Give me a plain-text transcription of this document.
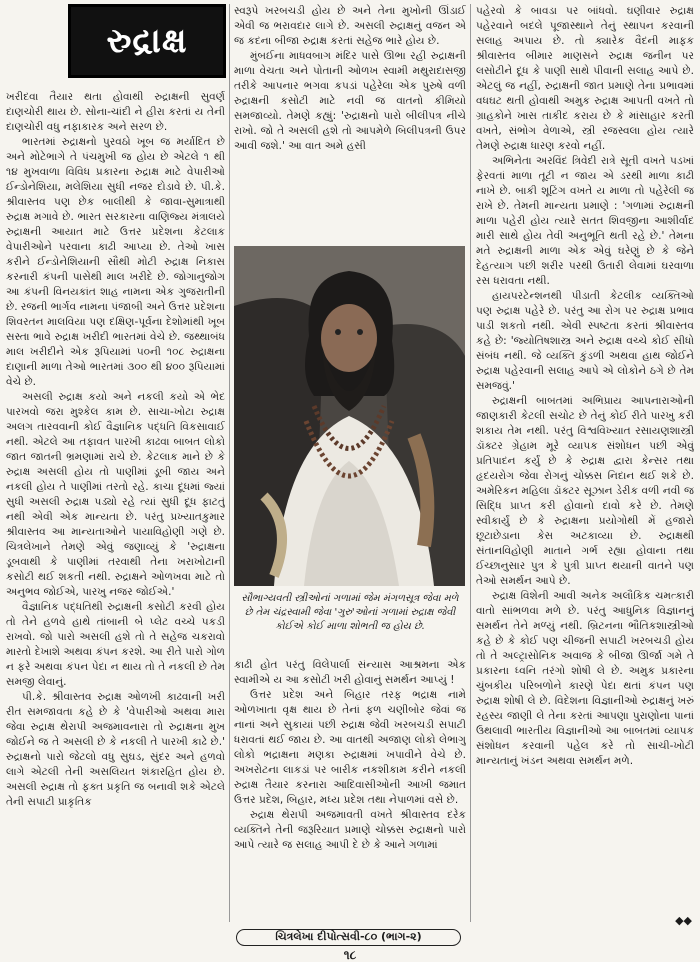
રુદ્રાક્ષ

ખરીદવા તૈયાર થતા હોવાથી રુદ્રાક્ષની સુવર્ણ દાણચોરી થાય છે. સોના-ચાંદી ને હીરા કરતાં ય તેની દાણચોરી વધુ નફાકારક અને સરળ છે.

ભારતમાં રુદ્રાક્ષનો પુરવઠો ખૂબ જ મર્યાદિત છે અને મોટેભાગે તે પંચમુખી જ હોય છે એટલે ૧ થી ૧૪ મુખવાળા વિવિધ પ્રકારના રુદ્રાક્ષ માટે વેપારીઓ ઈન્ડોનેશિયા, મલેશિયા સુધી નજર દોડાવે છે. પી.કે. શ્રીવાસ્તવ પણ છેક બાલીથી કે જાવા-સુમાત્રાથી રુદ્રાક્ષ મગાવે છે. ભારત સરકારના વાણિજ્ય મંત્રાલયે રુદ્રાક્ષની આયાત માટે ઉત્તર પ્રદેશના કેટલાક વેપારીઓને પરવાના કાઢી આપ્યા છે. તેઓ ખાસ કરીને ઈન્ડોનેશિયાની સૌથી મોટી રુદ્રાક્ષ નિકાસ કરનારી કંપની પાસેથી માલ ખરીદે છે. જોગાનુજોગ આ કંપની વિનયકાંત શાહ નામના એક ગુજરાતીની છે. રજની ભાર્ગવ નામના પંજાબી અને ઉત્તર પ્રદેશના શિવરતન માલવિયા પણ દક્ષિણ-પૂર્વના દેશોમાંથી ખૂબ સસ્તા ભાવે રુદ્રાક્ષ ખરીદી ભારતમાં વેચે છે. જથ્થાબંધ માલ ખરીદીને એક રૂપિયામાં ૫૦ની ૧૦૮ રુદ્રાક્ષના દાણાની માળા તેઓ ભારતમાં ૩૦૦ થી ૪૦૦ રૂપિયામાં વેચે છે.

અસલી રુદ્રાક્ષ કયો અને નકલી કયો એ ભેદ પારખવો જરા મુશ્કેલ કામ છે. સાચા-ખોટા રુદ્રાક્ષ અલગ તારવવાની કોઈ વૈજ્ઞાનિક પદ્ધતિ વિકસાવાઈ નથી. એટલે આ તફાવત પારખી કાઢવા બાબત લોકો જાત જાતની ભ્રમણામાં રાચે છે. કેટલાક માને છે કે રુદ્રાક્ષ અસલી હોય તો પાણીમાં ડૂબી જાય અને નકલી હોય તે પાણીમાં તરતો રહે. કાચા દૂધમાં જ્યાં સુધી અસલી રુદ્રાક્ષ પડ્યો રહે ત્યાં સુધી દૂધ ફાટતું નથી એવી એક માન્યતા છે. પરંતુ પ્રખ્યાતકુમાર શ્રીવાસ્તવ આ માન્યતાઓને પાયાવિહોણી ગણે છે. ચિત્રલેખાને તેમણે એવું જણાવ્યું કે 'રુદ્રાક્ષના ડૂબવાથી કે પાણીમાં તરવાથી તેના ખરાખોટાની કસોટી થઈ શકતી નથી. રુદ્રાક્ષને ઓળખવા માટે તો અનુભવ જોઈએ, પારખુ નજર જોઈએ.'

વૈજ્ઞાનિક પદ્ધતિથી રુદ્રાક્ષની કસોટી કરવી હોય તો તેને હળવે હાથે તાંબાની બે પ્લેટ વચ્ચે પકડી રાખવો. જો પારો અસલી હશે તો તે સહેજ ચકરાવો મારતો દેખાશે અથવા કંપન કરશે. આ રીતે પારો ગોળ ન ફરે અથવા કંપન પેદા ન થાય તો તે નકલી છે તેમ સમજી લેવાનું.

પી.કે. શ્રીવાસ્તવ રુદ્રાક્ષ ઓળખી કાઢવાની ખરી રીત સમજાવતા કહે છે કે 'વેપારીઓ અથવા મારા જેવા રુદ્રાક્ષ થેરાપી અજમાવનારા તો રુદ્રાક્ષના મુખ જોઈને જ તે અસલી છે કે નકલી તે પારખી કાઢે છે.' રુદ્રાક્ષનો પારો જેટલો વધુ સુઘડ, સુંદર અને હળવો લાગે એટલી તેની અસલિયત શંકારહિત હોય છે. અસલી રુદ્રાક્ષ તો ફક્ત પ્રકૃતિ જ બનાવી શકે એટલે તેની સપાટી પ્રાકૃતિક

સ્વરૂપે ખરબચડી હોય છે અને તેના મુખોની ઊંડાઈ એવી જ ભરાવદાર લાગે છે. અસલી રુદ્રાક્ષનું વજન એ જ કદના બીજા રુદ્રાક્ષ કરતાં સહેજ ભારે હોય છે.

મુંબઈના માધવબાગ મંદિર પાસે ઊભા રહી રુદ્રાક્ષની માળા વેચતા અને પોતાની ઓળખ સ્વામી મથુરાદાસજી તરીકે આપનાર ભગવા કપડાં પહેરેલા એક પુરુષે વળી રુદ્રાક્ષની કસોટી માટે નવી જ વાતનો કીમિયો સમજાવ્યો. તેમણે કહ્યું: 'રુદ્રાક્ષનો પારો બીલીપત્ર નીચે રાખો. જો તે અસલી હશે તો આપમેળે બિલીપત્રની ઉપર આવી જશે.' આ વાત અમે હસી

સૌભાગ્યવતી સ્ત્રીઓનાં ગળામાં જેમ મંગળસૂત્ર જેવા મળે છે તેમ ચંદ્રસ્વામી જેવા 'ગુરુ'ઓનાં ગળામાં રુદ્રાક્ષ જેવી કોઈએ કોઈ માળા શોભતી જ હોય છે.

કાઢી હોત પરંતુ વિલેપાર્લા સંન્યાસ આશ્રમના એક સ્વામીએ ય આ કસોટી ખરી હોવાનું સમર્થન આપ્યું !

ઉત્તર પ્રદેશ અને બિહાર તરફ ભદ્રાક્ષ નામે ઓળખાતા વૃક્ષ થાય છે તેનાં ફળ ચણીબોર જેવાં જ નાનાં અને સુકાયાં પછી રુદ્રાક્ષ જેવી ખરબચડી સપાટી ધરાવતાં થઈ જાય છે. આ વાતથી અજાણ લોકો લેભાગુ લોકો ભદ્રાક્ષના મણકા રુદ્રાક્ષમાં ખપાવીને વેચે છે. અખરોટના લાકડાં પર બારીક નકશીકામ કરીને નકલી રુદ્રાક્ષ તૈયાર કરનારા આદિવાસીઓની આખી જમાત ઉત્તર પ્રદેશ, બિહાર, મધ્ય પ્રદેશ તથા નેપાળમાં વસે છે.

રુદ્રાક્ષ થેરાપી અજમાવતી વખતે શ્રીવાસ્તવ દરેક વ્યક્તિને તેની જરૂરિયાત પ્રમાણે ચોક્કસ રુદ્રાક્ષનો પારો આપે ત્યારે જ સલાહ આપી દે છે કે આને ગળામાં

પહેરવો કે બાવડા પર બાંધવો. ઘણીવાર રુદ્રાક્ષ પહેરવાને બદલે પૂજાસ્થાને તેનું સ્થાપન કરવાની સલાહ અપાય છે. તો ક્યારેક વૈદની માફક શ્રીવાસ્તવ બીમાર માણસને રુદ્રાક્ષ જનીન પર લસોટીને દૂધ કે પાણી સાથે પીવાની સલાહ આપે છે. એટલું જ નહીં, રુદ્રાક્ષની જાત પ્રમાણે તેના પ્રભાવમાં વધઘટ થતી હોવાથી અમુક રુદ્રાક્ષ આપતી વખતે તો ગ્રાહકોને ખાસ તાકીદ કરાય છે કે માંસાહાર કરતી વખતે, સંભોગ વેળાએ, સ્ત્રી રજસ્વલા હોય ત્યારે તેમણે રુદ્રાક્ષ ધારણ કરવો નહીં.

અભિનેતા અરવિંદ ત્રિવેદી રાત્રે સૂતી વખતે પડખાં ફેરવતાં માળા તૂટી ન જાય એ ડરથી માળા કાઢી નાખે છે. બાકી શૂટિંગ વખતે ય માળા તો પહેરેલી જ રાખે છે. તેમની માન્યતા પ્રમાણે : 'ગળામાં રુદ્રાક્ષની માળા પહેરી હોય ત્યારે સતત શિવજીના આશીર્વાદ મારી સાથે હોય તેવી અનુભૂતિ થતી રહે છે.' તેમના મતે રુદ્રાક્ષની માળા એક એવું ઘરેણું છે કે જેને દેહત્યાગ પછી શરીર પરથી ઉતારી લેવામાં ઘરવાળા રસ ધરાવતા નથી.

હાયપરટેન્શનથી પીડાતી કેટલીક વ્યક્તિઓ પણ રુદ્રાક્ષ પહેરે છે. પરંતુ આ રોગ પર રુદ્રાક્ષ પ્રભાવ પાડી શકતો નથી. એવી સ્પષ્ટતા કરતાં શ્રીવાસ્તવ કહે છે: 'જ્યોતિષશાસ્ત્ર અને રુદ્રાક્ષ વચ્ચે કોઈ સીધો સંબંધ નથી. જે વ્યક્તિ કુંડળી અથવા હાથ જોઈને રુદ્રાક્ષ પહેરવાની સલાહ આપે એ લોકોને ઠગે છે તેમ સમજવું.'

રુદ્રાક્ષની બાબતમાં અભિપ્રાય આપનારાઓની જાણકારી કેટલી સચોટ છે તેનું કોઈ રીતે પારખુ કરી શકાય તેમ નથી. પરંતુ વિશ્વવિખ્યાત રસાયણશાસ્ત્રી ડૉક્ટર ગ્રેહામ મૂરે વ્યાપક સંશોધન પછી એવું પ્રતિપાદન કર્યું છે કે રુદ્રાક્ષ દ્વારા કેન્સર તથા હૃદયરોગ જેવા રોગનું ચોક્કસ નિદાન થઈ શકે છે. અમેરિકન મહિલા ડૉક્ટર સૂઝાન ડેરીક વળી નવી જ સિદ્ધિ પ્રાપ્ત કરી હોવાનો દાવો કરે છે. તેમણે સ્વીકાર્યું છે કે રુદ્રાક્ષના પ્રયોગોથી મેં હજારો છૂટાછેડાના કેસ અટકાવ્યા છે. રુદ્રાક્ષથી સંતાનવિહોણી માતાને ગર્ભ રહ્યા હોવાના તથા ઈચ્છાનુસાર પુત્ર કે પુત્રી પ્રાપ્ત થયાની વાતને પણ તેઓ સમર્થન આપે છે.

રુદ્રાક્ષ વિશેની આવી અનેક અલૌકિક ચમત્કારી વાતો સાંભળવા મળે છે. પરંતુ આધુનિક વિજ્ઞાનનું સમર્થન તેને મળ્યું નથી. બ્રિટનના ભૌતિકશાસ્ત્રીઓ કહે છે કે કોઈ પણ ચીજની સપાટી ખરબચડી હોય તો તે અલ્ટ્રાસોનિક અવાજ કે બીજા ઊર્જા ગમે તે પ્રકારના ધ્વનિ તરંગો શોષી લે છે. અમુક પ્રકારના ચુંબકીય પરિબળોને કારણે પેદા થતાં કંપન પણ રુદ્રાક્ષ શોષી લે છે. વિદેશના વિજ્ઞાનીઓ રુદ્રાક્ષનું ખરું રહસ્ય જાણી લે તેના કરતાં આપણા પુરાણોના પાનાં ઉથલાવી ભારતીય વિજ્ઞાનીઓ આ બાબતમાં વ્યાપક સંશોધન કરવાની પહેલ કરે તો સાચી-ખોટી માન્યતાનું ખંડન અથવા સમર્થન મળે.

◆◆
ચિત્રલેખા દીપોત્સવી-૮૦ (ભાગ-૨)
૧૮
